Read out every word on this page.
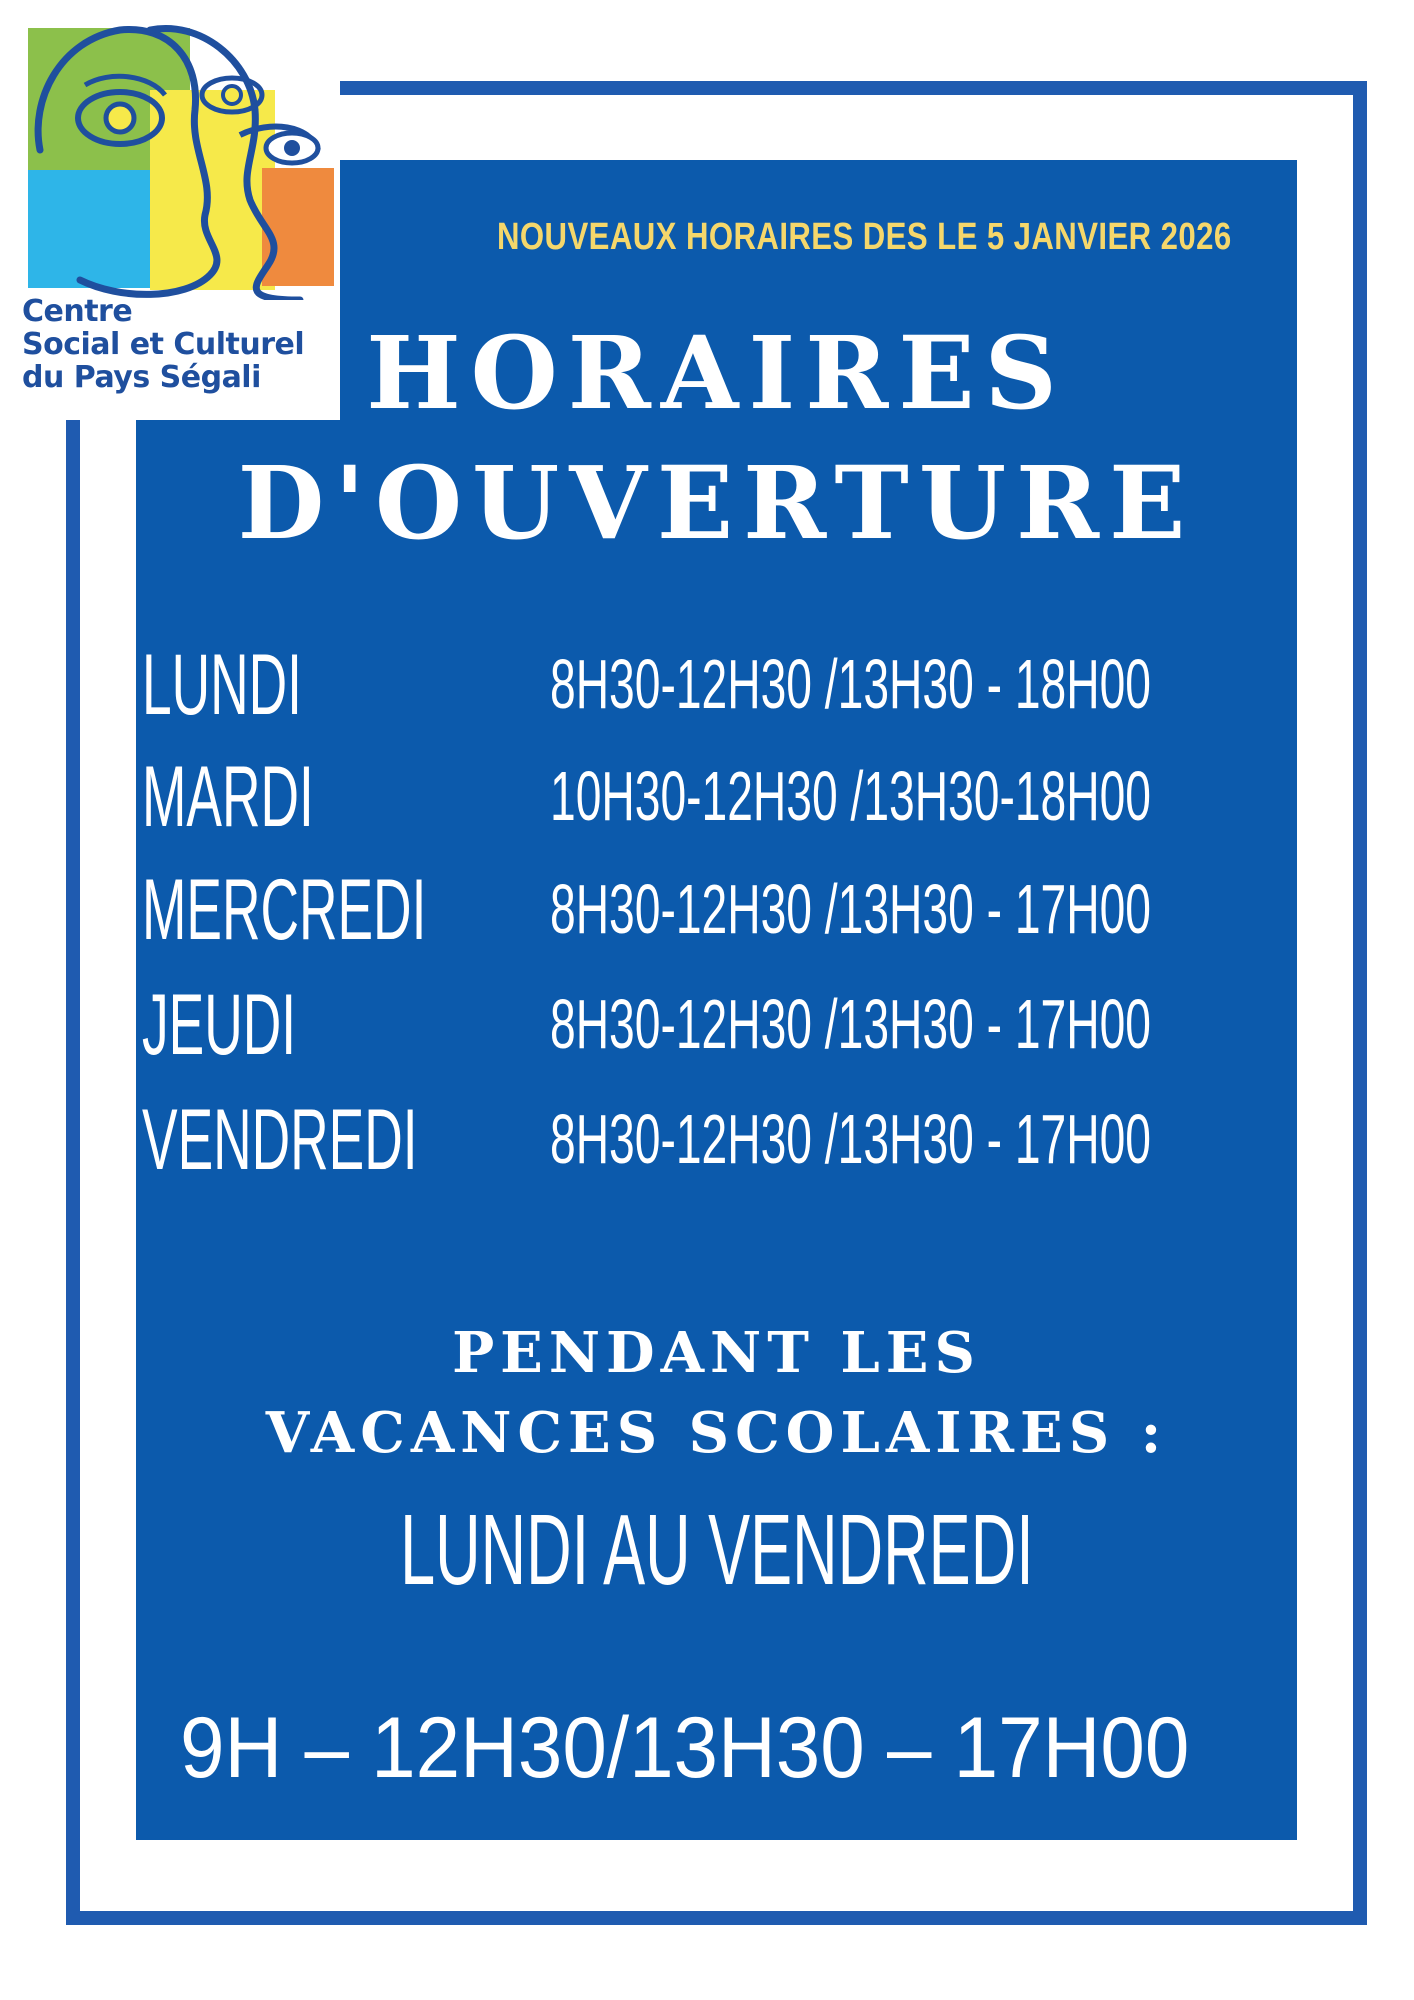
Centre
Social et Culturel
du Pays Ségali
NOUVEAUX HORAIRES DES LE 5 JANVIER 2026
HORAIRES
D'OUVERTURE
LUNDI	8H30-12H30 /13H30 - 18H00
MARDI	10H30-12H30 /13H30-18H00
MERCREDI 8H30-12H30 /13H30 - 17H00
JEUDI	8H30-12H30 /13H30 - 17H00
VENDREDI 8H30-12H30 /13H30 - 17H00
PENDANT LES
VACANCES SCOLAIRES :
LUNDI AU VENDREDI
9H – 12H30/13H30 – 17H00
